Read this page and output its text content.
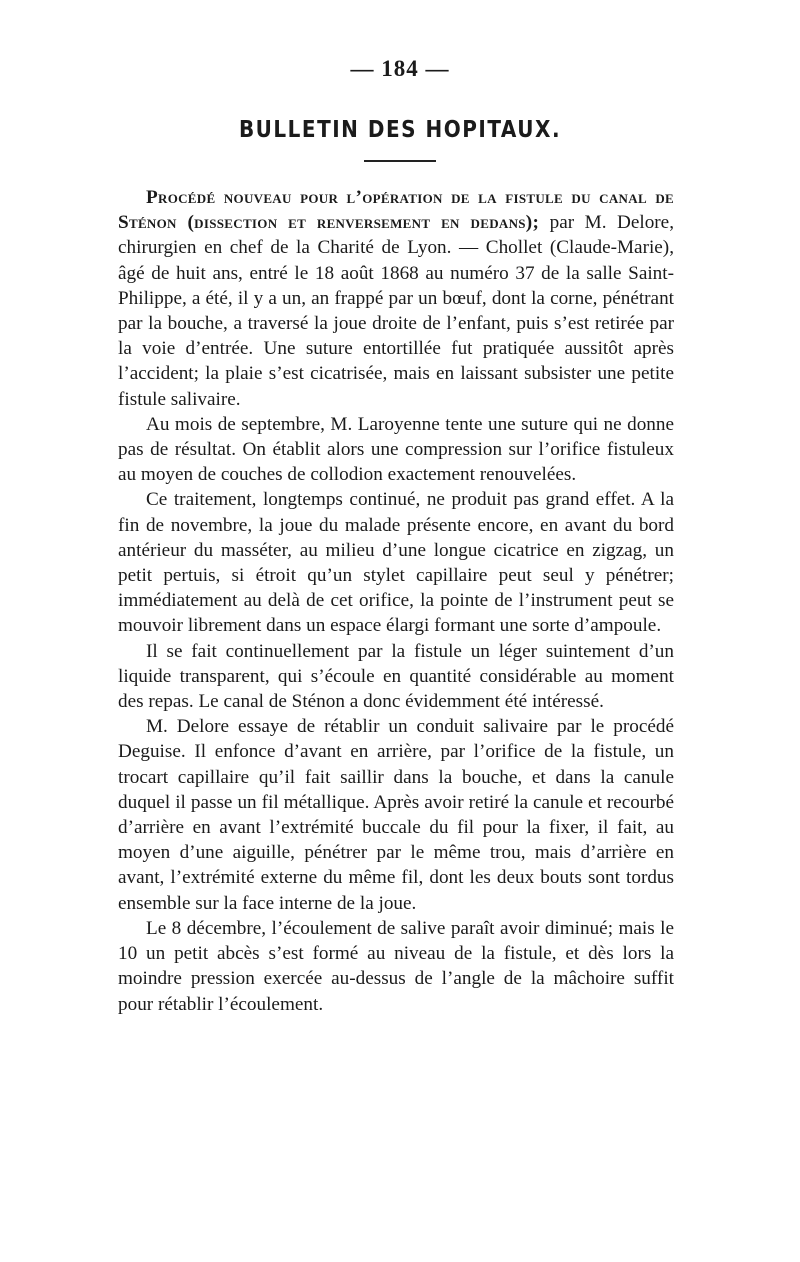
— 184 —
BULLETIN DES HOPITAUX.

Procédé nouveau pour l’opération de la fistule du canal de Sténon (dissection et renversement en dedans); par M. Delore, chirurgien en chef de la Charité de Lyon. — Chollet (Claude-Marie), âgé de huit ans, entré le 18 août 1868 au numéro 37 de la salle Saint-Philippe, a été, il y a un, an frappé par un bœuf, dont la corne, pénétrant par la bouche, a traversé la joue droite de l’enfant, puis s’est retirée par la voie d’entrée. Une suture entortillée fut pratiquée aussitôt après l’accident; la plaie s’est cicatrisée, mais en laissant subsister une petite fistule salivaire.

Au mois de septembre, M. Laroyenne tente une suture qui ne donne pas de résultat. On établit alors une compression sur l’orifice fistuleux au moyen de couches de collodion exactement renouvelées.

Ce traitement, longtemps continué, ne produit pas grand effet. A la fin de novembre, la joue du malade présente encore, en avant du bord antérieur du masséter, au milieu d’une longue cicatrice en zigzag, un petit pertuis, si étroit qu’un stylet capillaire peut seul y pénétrer; immédiatement au delà de cet orifice, la pointe de l’instrument peut se mouvoir librement dans un espace élargi formant une sorte d’ampoule.

Il se fait continuellement par la fistule un léger suintement d’un liquide transparent, qui s’écoule en quantité considérable au moment des repas. Le canal de Sténon a donc évidemment été intéressé.

M. Delore essaye de rétablir un conduit salivaire par le procédé Deguise. Il enfonce d’avant en arrière, par l’orifice de la fistule, un trocart capillaire qu’il fait saillir dans la bouche, et dans la canule duquel il passe un fil métallique. Après avoir retiré la canule et recourbé d’arrière en avant l’extrémité buccale du fil pour la fixer, il fait, au moyen d’une aiguille, pénétrer par le même trou, mais d’arrière en avant, l’extrémité externe du même fil, dont les deux bouts sont tordus ensemble sur la face interne de la joue.

Le 8 décembre, l’écoulement de salive paraît avoir diminué; mais le 10 un petit abcès s’est formé au niveau de la fistule, et dès lors la moindre pression exercée au-dessus de l’angle de la mâchoire suffit pour rétablir l’écoulement.
